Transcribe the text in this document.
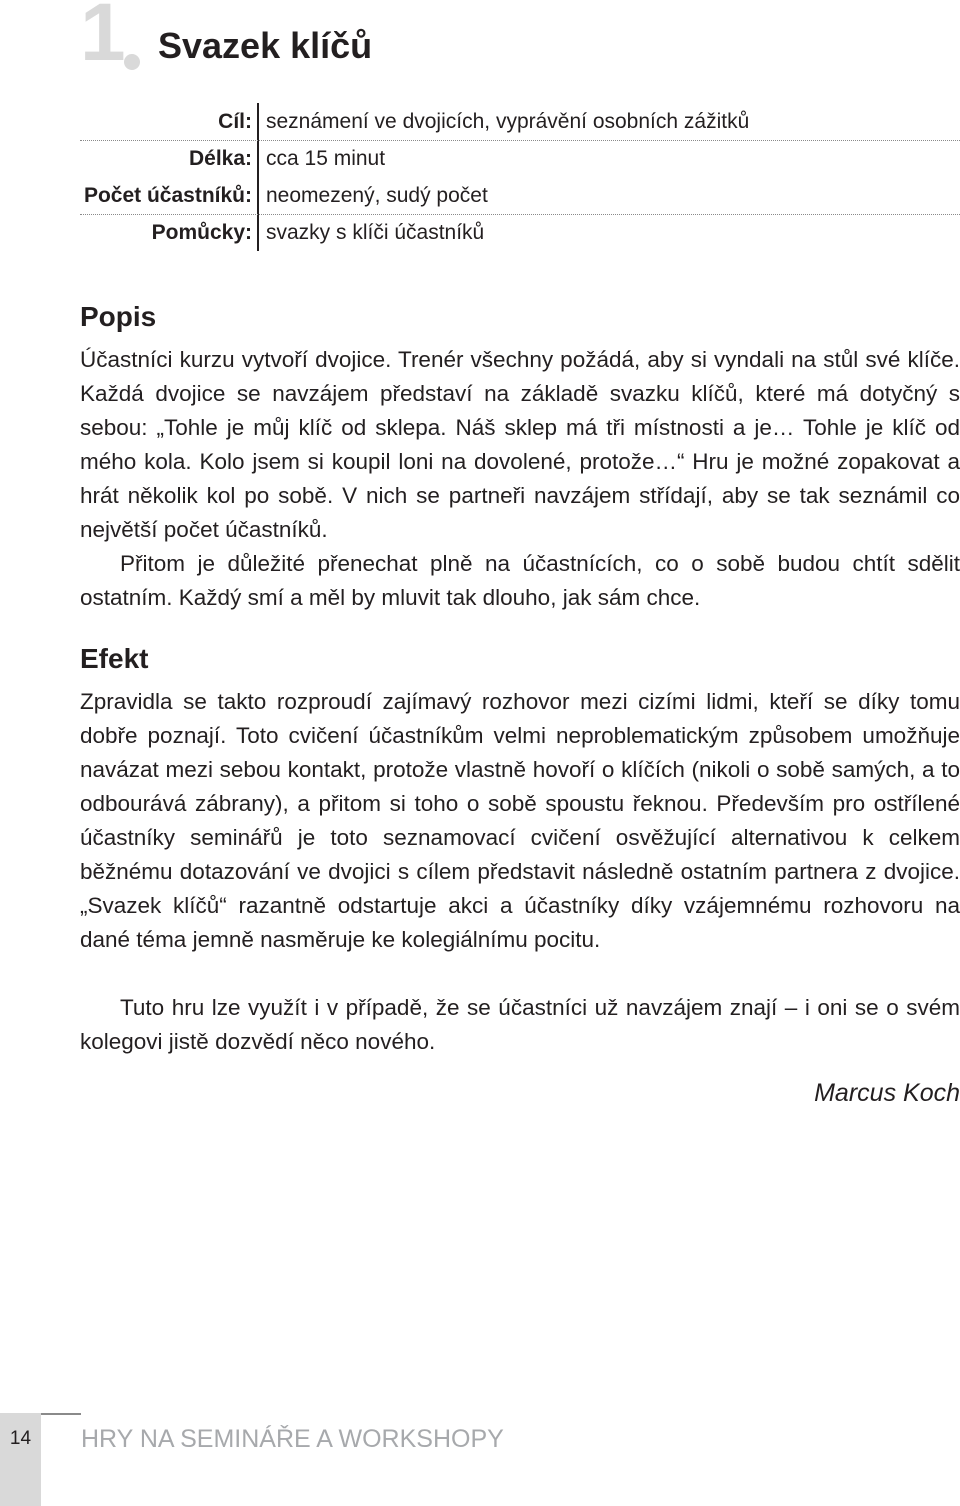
1 Svazek klíčů
Cíl: seznámení ve dvojicích, vyprávění osobních zážitků
Délka: cca 15 minut
Počet účastníků: neomezený, sudý počet
Pomůcky: svazky s klíči účastníků
Popis

Účastníci kurzu vytvoří dvojice. Trenér všechny požádá, aby si vyndali na stůl své klíče. Každá dvojice se navzájem představí na základě svazku klíčů, které má dotyčný s sebou: „Tohle je můj klíč od sklepa. Náš sklep má tři místnosti a je… Tohle je klíč od mého kola. Kolo jsem si koupil loni na dovolené, protože…“ Hru je možné zopakovat a hrát několik kol po sobě. V nich se partneři navzájem střídají, aby se tak seznámil co největší počet účastníků.

Přitom je důležité přenechat plně na účastnících, co o sobě budou chtít sdělit ostatním. Každý smí a měl by mluvit tak dlouho, jak sám chce.

Efekt

Zpravidla se takto rozproudí zajímavý rozhovor mezi cizími lidmi, kteří se díky tomu dobře poznají. Toto cvičení účastníkům velmi neproblematickým způsobem umožňuje navázat mezi sebou kontakt, protože vlastně hovoří o klíčích (nikoli o sobě samých, a to odbourává zábrany), a přitom si toho o sobě spoustu řeknou. Především pro ostřílené účastníky seminářů je toto seznamovací cvičení osvěžující alternativou k celkem běžnému dotazování ve dvojici s cílem představit následně ostatním partnera z dvojice. „Svazek klíčů“ razantně odstartuje akci a účastníky díky vzájemnému rozhovoru na dané téma jemně nasměruje ke kolegiálnímu pocitu.

Tuto hru lze využít i v případě, že se účastníci už navzájem znají – i oni se o svém kolegovi jistě dozvědí něco nového.

Marcus Koch
14	HRY NA SEMINÁŘE A WORKSHOPY
